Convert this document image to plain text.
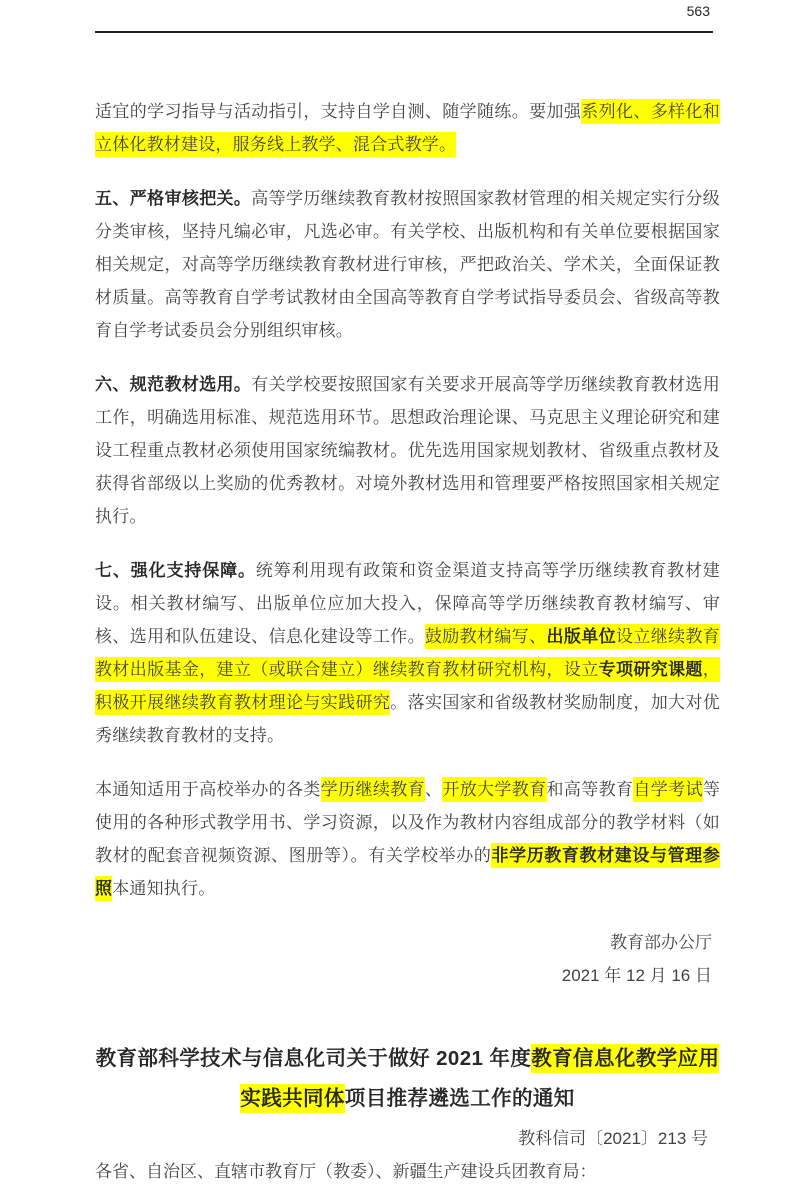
563

适宜的学习指导与活动指引，支持自学自测、随学随练。要加强系列化、多样化和立体化教材建设，服务线上教学、混合式教学。

五、严格审核把关。高等学历继续教育教材按照国家教材管理的相关规定实行分级分类审核，坚持凡编必审，凡选必审。有关学校、出版机构和有关单位要根据国家相关规定，对高等学历继续教育教材进行审核，严把政治关、学术关，全面保证教材质量。高等教育自学考试教材由全国高等教育自学考试指导委员会、省级高等教育自学考试委员会分别组织审核。

六、规范教材选用。有关学校要按照国家有关要求开展高等学历继续教育教材选用工作，明确选用标准、规范选用环节。思想政治理论课、马克思主义理论研究和建设工程重点教材必须使用国家统编教材。优先选用国家规划教材、省级重点教材及获得省部级以上奖励的优秀教材。对境外教材选用和管理要严格按照国家相关规定执行。

七、强化支持保障。统筹利用现有政策和资金渠道支持高等学历继续教育教材建设。相关教材编写、出版单位应加大投入，保障高等学历继续教育教材编写、审核、选用和队伍建设、信息化建设等工作。鼓励教材编写、出版单位设立继续教育教材出版基金，建立（或联合建立）继续教育教材研究机构，设立专项研究课题，积极开展继续教育教材理论与实践研究。落实国家和省级教材奖励制度，加大对优秀继续教育教材的支持。

本通知适用于高校举办的各类学历继续教育、开放大学教育和高等教育自学考试等使用的各种形式教学用书、学习资源，以及作为教材内容组成部分的教学材料（如教材的配套音视频资源、图册等）。有关学校举办的非学历教育教材建设与管理参照本通知执行。

教育部办公厅
2021 年 12 月 16 日
教育部科学技术与信息化司关于做好 2021 年度教育信息化教学应用实践共同体项目推荐遴选工作的通知
教科信司〔2021〕213 号

各省、自治区、直辖市教育厅（教委）、新疆生产建设兵团教育局：
